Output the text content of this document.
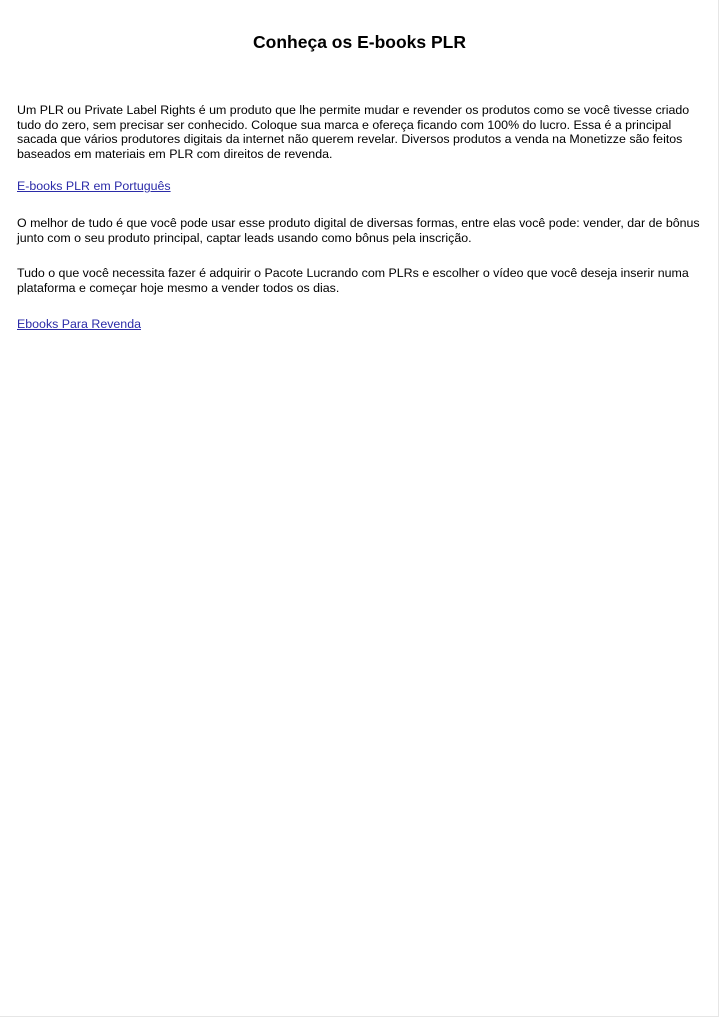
Conheça os E-books PLR

Um PLR ou Private Label Rights é um produto que lhe permite mudar e revender os produtos como se você tivesse criado tudo do zero, sem precisar ser conhecido. Coloque sua marca e ofereça ficando com 100% do lucro. Essa é a principal sacada que vários produtores digitais da internet não querem revelar. Diversos produtos a venda na Monetizze são feitos baseados em materiais em PLR com direitos de revenda.

E-books PLR em Português

O melhor de tudo é que você pode usar esse produto digital de diversas formas, entre elas você pode: vender, dar de bônus junto com o seu produto principal, captar leads usando como bônus pela inscrição.

Tudo o que você necessita fazer é adquirir o Pacote Lucrando com PLRs e escolher o vídeo que você deseja inserir numa plataforma e começar hoje mesmo a vender todos os dias.

Ebooks Para Revenda
